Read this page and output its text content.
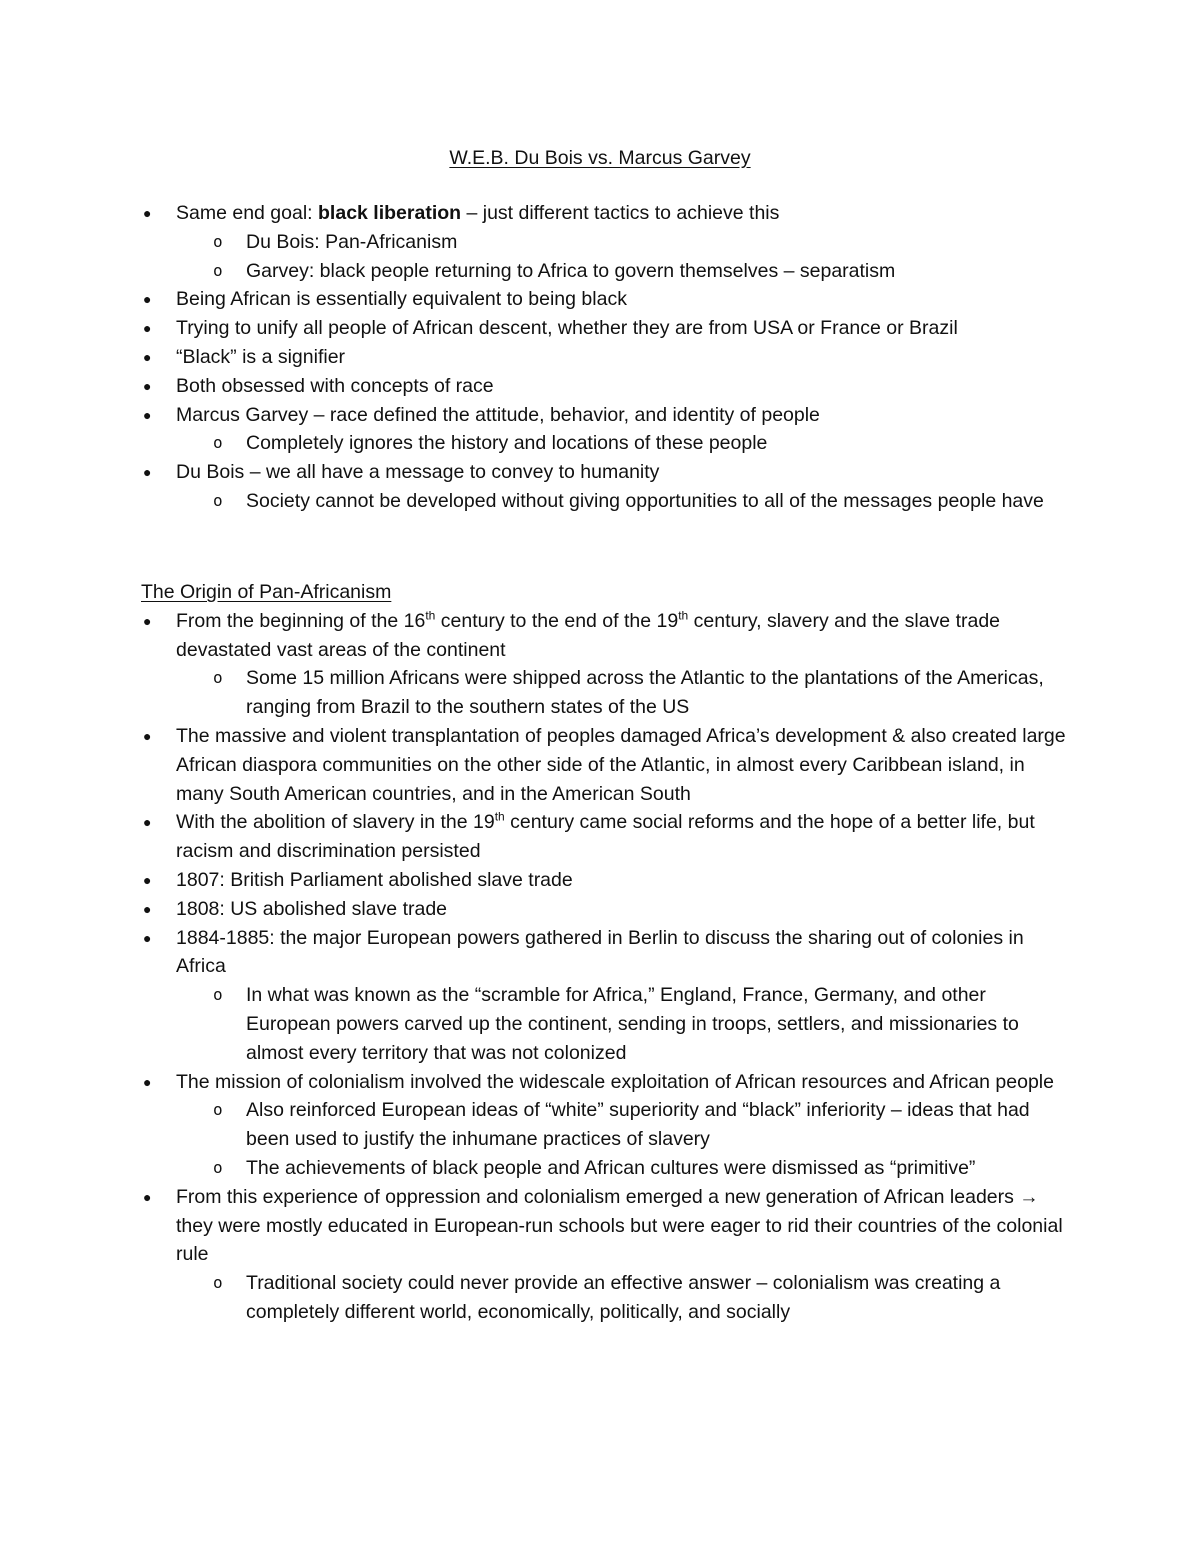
W.E.B. Du Bois vs. Marcus Garvey
● Same end goal: black liberation – just different tactics to achieve this
o Du Bois: Pan-Africanism
o Garvey: black people returning to Africa to govern themselves – separatism
● Being African is essentially equivalent to being black
● Trying to unify all people of African descent, whether they are from USA or France or Brazil
● “Black” is a signifier
● Both obsessed with concepts of race
● Marcus Garvey – race defined the attitude, behavior, and identity of people
o Completely ignores the history and locations of these people
● Du Bois – we all have a message to convey to humanity
o Society cannot be developed without giving opportunities to all of the messages people have
The Origin of Pan-Africanism
● From the beginning of the 16th century to the end of the 19th century, slavery and the slave trade devastated vast areas of the continent
o Some 15 million Africans were shipped across the Atlantic to the plantations of the Americas, ranging from Brazil to the southern states of the US
● The massive and violent transplantation of peoples damaged Africa’s development & also created large African diaspora communities on the other side of the Atlantic, in almost every Caribbean island, in many South American countries, and in the American South
● With the abolition of slavery in the 19th century came social reforms and the hope of a better life, but racism and discrimination persisted
● 1807: British Parliament abolished slave trade
● 1808: US abolished slave trade
● 1884-1885: the major European powers gathered in Berlin to discuss the sharing out of colonies in Africa
o In what was known as the “scramble for Africa,” England, France, Germany, and other European powers carved up the continent, sending in troops, settlers, and missionaries to almost every territory that was not colonized
● The mission of colonialism involved the widescale exploitation of African resources and African people
o Also reinforced European ideas of “white” superiority and “black” inferiority – ideas that had been used to justify the inhumane practices of slavery
o The achievements of black people and African cultures were dismissed as “primitive”
● From this experience of oppression and colonialism emerged a new generation of African leaders → they were mostly educated in European-run schools but were eager to rid their countries of the colonial rule
o Traditional society could never provide an effective answer – colonialism was creating a completely different world, economically, politically, and socially
